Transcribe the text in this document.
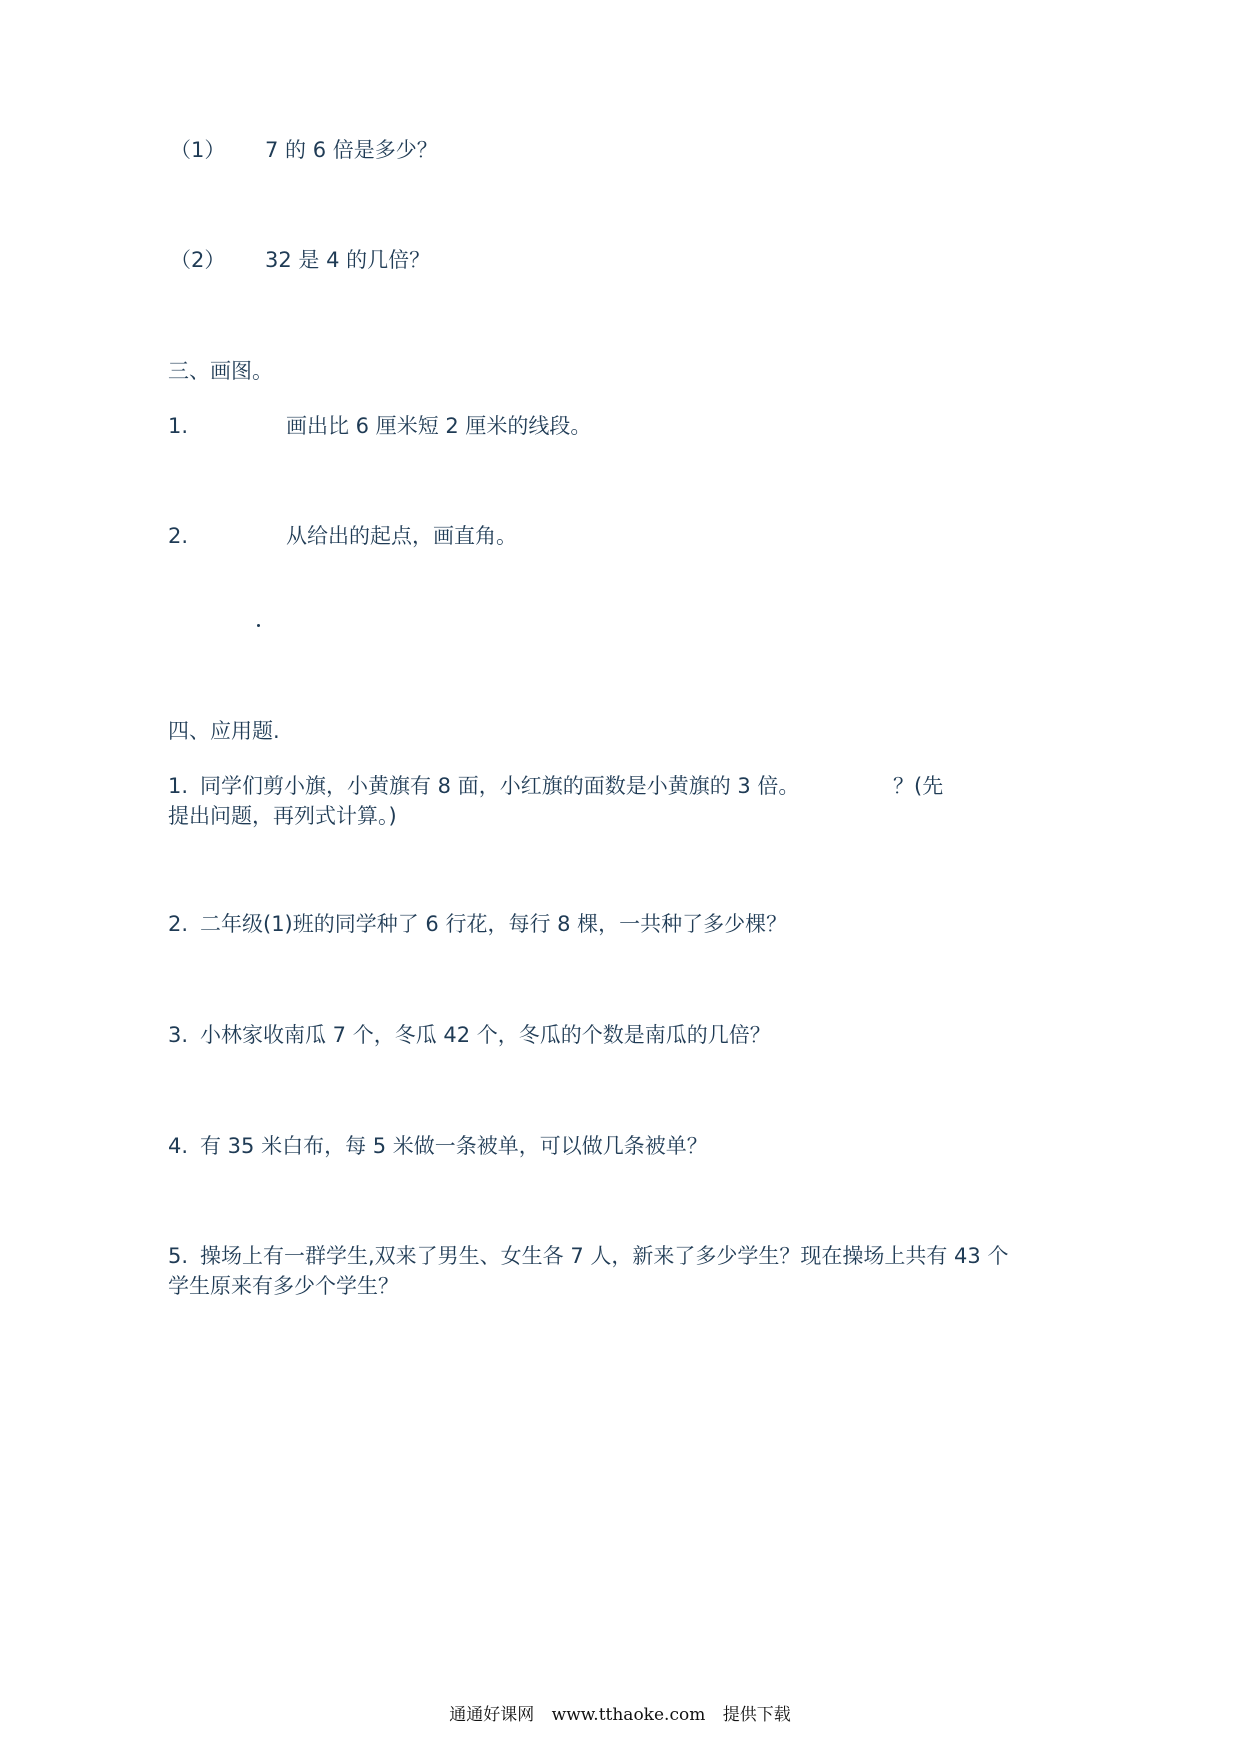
（1） 7 的 6 倍是多少？
（2） 32 是 4 的几倍？
三、画图。
1.	画出比 6 厘米短 2 厘米的线段。
2.	从给出的起点，画直角。
四、应用题.
1. 同学们剪小旗，小黄旗有 8 面，小红旗的面数是小黄旗的 3 倍。	？(先
提出问题，再列式计算。)
2. 二年级(1)班的同学种了 6 行花，每行 8 棵，一共种了多少棵？
3. 小林家收南瓜 7 个，冬瓜 42 个，冬瓜的个数是南瓜的几倍？
4. 有 35 米白布，每 5 米做一条被单，可以做几条被单？
5. 操场上有一群学生,双来了男生、女生各 7 人，新来了多少学生？现在操场上共有 43 个
学生原来有多少个学生？
通通好课网 www.tthaoke.com 提供下载
